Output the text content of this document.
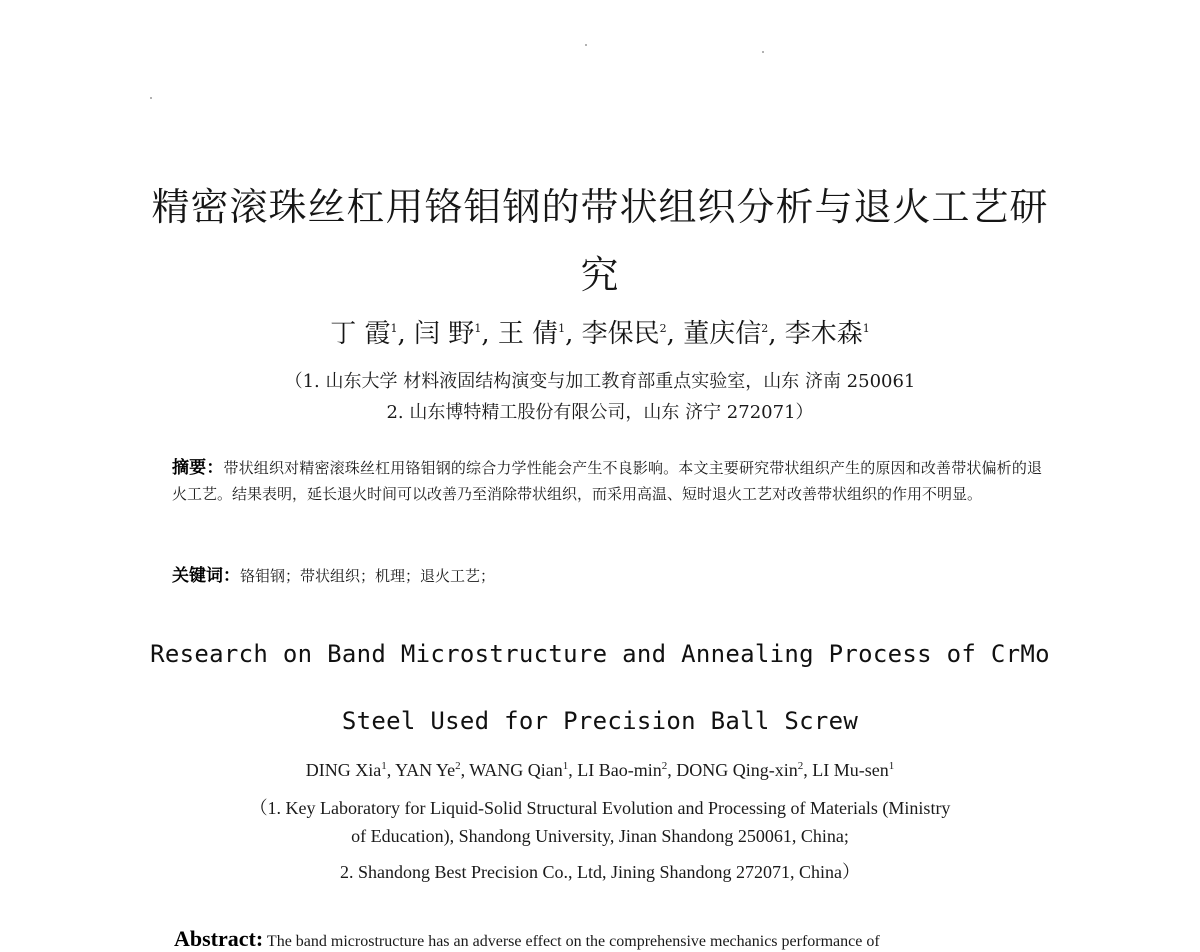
精密滚珠丝杠用铬钼钢的带状组织分析与退火工艺研
究
丁 霞$^1$, 闫 野$^1$, 王 倩$^1$, 李保民$^2$, 董庆信$^2$, 李木森$^1$
（1. 山东大学 材料液固结构演变与加工教育部重点实验室，山东 济南 250061
2. 山东博特精工股份有限公司，山东 济宁 272071）
摘要：带状组织对精密滚珠丝杠用铬钼钢的综合力学性能会产生不良影响。本文主要研究带状组织产生的原因和改善带状偏析的退火工艺。结果表明，延长退火时间可以改善乃至消除带状组织，而采用高温、短时退火工艺对改善带状组织的作用不明显。
关键词：铬钼钢；带状组织；机理；退火工艺；
Research on Band Microstructure and Annealing Process of CrMo
Steel Used for Precision Ball Screw
DING Xia$^1$, YAN Ye$^2$, WANG Qian$^1$, LI Bao-$\min^2$, DONG Qing-xin$^2$, LI Mu-sen$^1$
（1. Key Laboratory for Liquid-Solid Structural Evolution and Processing of Materials (Ministry
of Education), Shandong University, Jinan Shandong 250061, China;
2. Shandong Best Precision Co., Ltd, Jining Shandong 272071, China）
Abstract: The band microstructure has an adverse effect on the comprehensive mechanics performance of
